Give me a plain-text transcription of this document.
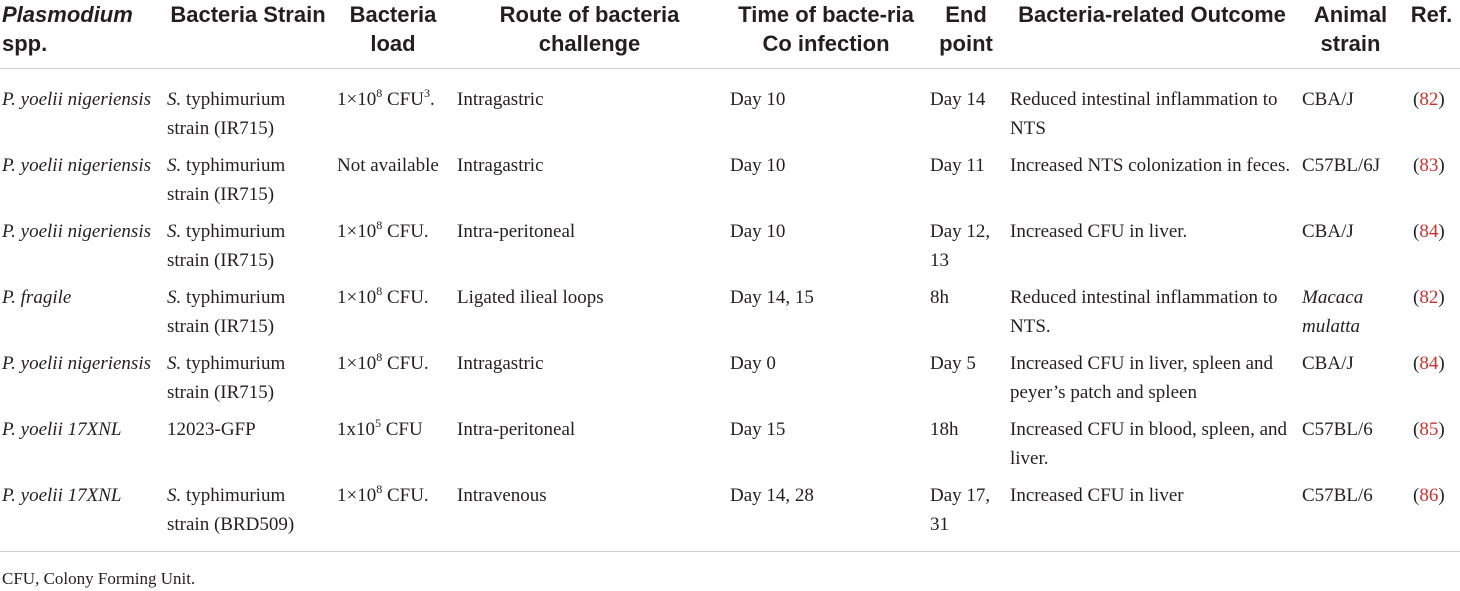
Plasmodium
spp.	Bacteria Strain	Bacteria load	Route of bacteria challenge	Time of bacte-ria Co infection	End point	Bacteria-related Outcome	Animal strain	Ref.
P. yoelii nigeriensis	S. typhimurium strain (IR715)	$1\times 10^8$ CFU$^3$.	Intragastric	Day 10	Day 14	Reduced intestinal inflammation to NTS	CBA/J	(82)
P. yoelii nigeriensis	S. typhimurium strain (IR715)	Not available	Intragastric	Day 10	Day 11	Increased NTS colonization in feces.	C57BL/6J	(83)
P. yoelii nigeriensis	S. typhimurium strain (IR715)	$1\times 10^8$ CFU.	Intra-peritoneal	Day 10	Day 12, 13	Increased CFU in liver.	CBA/J	(84)
P. fragile	S. typhimurium strain (IR715)	$1\times 10^8$ CFU.	Ligated ilieal loops	Day 14, 15	8h	Reduced intestinal inflammation to NTS.	Macaca mulatta	(82)
P. yoelii nigeriensis	S. typhimurium strain (IR715)	$1\times 10^8$ CFU.	Intragastric	Day 0	Day 5	Increased CFU in liver, spleen and peyer’s patch and spleen	CBA/J	(84)
P. yoelii 17XNL	12023-GFP	$1x10^5$ CFU	Intra-peritoneal	Day 15	18h	Increased CFU in blood, spleen, and liver.	C57BL/6	(85)
P. yoelii 17XNL	S. typhimurium strain (BRD509)	$1\times 10^8$ CFU.	Intravenous	Day 14, 28	Day 17, 31	Increased CFU in liver	C57BL/6	(86)
CFU, Colony Forming Unit.
